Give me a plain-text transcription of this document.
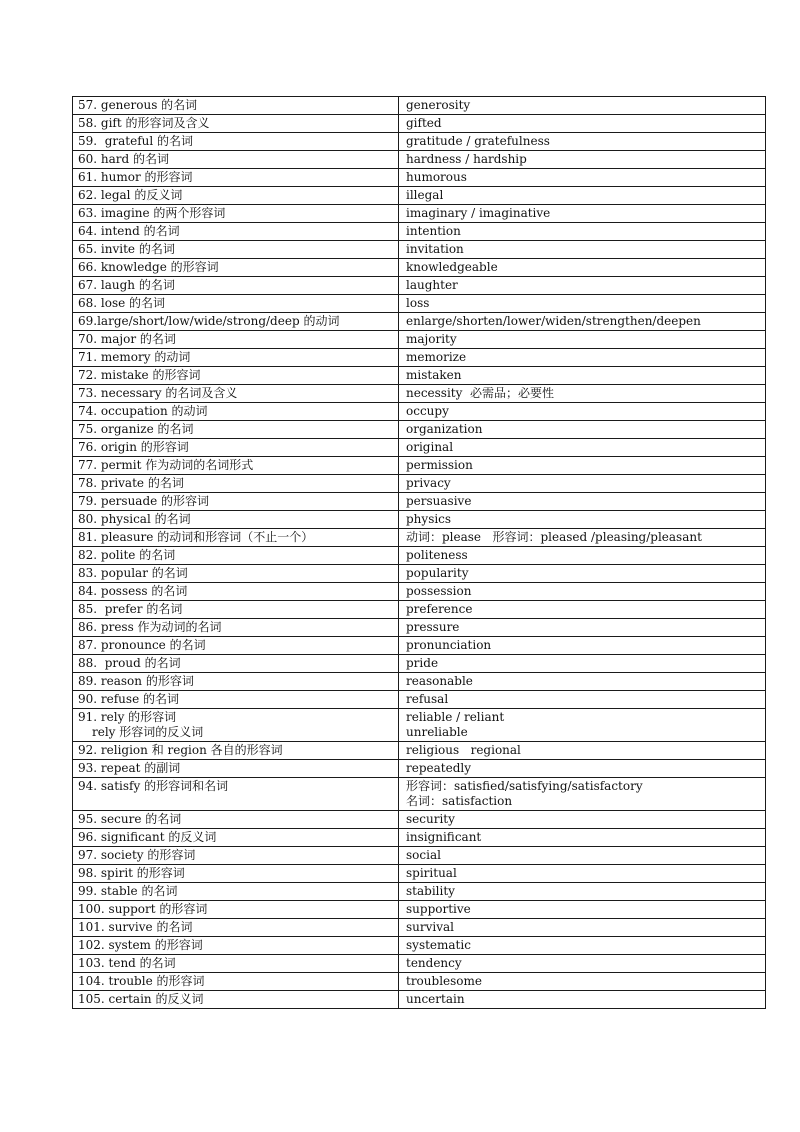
57. generous 的名词	generosity

58. gift 的形容词及含义	gifted

59.  grateful 的名词	gratitude / gratefulness

60. hard 的名词	hardness / hardship

61. humor 的形容词	humorous

62. legal 的反义词	illegal

63. imagine 的两个形容词	imaginary / imaginative

64. intend 的名词	intention

65. invite 的名词	invitation

66. knowledge 的形容词	knowledgeable

67. laugh 的名词	laughter

68. lose 的名词	loss

69.large/short/low/wide/strong/deep 的动词	enlarge/shorten/lower/widen/strengthen/deepen

70. major 的名词	majority

71. memory 的动词	memorize

72. mistake 的形容词	mistaken

73. necessary 的名词及含义	necessity  必需品；必要性

74. occupation 的动词	occupy

75. organize 的名词	organization

76. origin 的形容词	original

77. permit 作为动词的名词形式	permission

78. private 的名词	privacy

79. persuade 的形容词	persuasive

80. physical 的名词	physics

81. pleasure 的动词和形容词（不止一个）	动词：please   形容词：pleased /pleasing/pleasant

82. polite 的名词	politeness

83. popular 的名词	popularity

84. possess 的名词	possession

85.  prefer 的名词	preference

86. press 作为动词的名词	pressure

87. pronounce 的名词	pronunciation

88.  proud 的名词	pride

89. reason 的形容词	reasonable

90. refuse 的名词	refusal

91. rely 的形容词
rely 形容词的反义词	reliable / reliant
unreliable

92. religion 和 region 各自的形容词	religious   regional

93. repeat 的副词	repeatedly

94. satisfy 的形容词和名词	形容词：satisfied/satisfying/satisfactory
名词：satisfaction

95. secure 的名词	security

96. significant 的反义词	insignificant

97. society 的形容词	social

98. spirit 的形容词	spiritual

99. stable 的名词	stability

100. support 的形容词	supportive

101. survive 的名词	survival

102. system 的形容词	systematic

103. tend 的名词	tendency

104. trouble 的形容词	troublesome

105. certain 的反义词	uncertain
